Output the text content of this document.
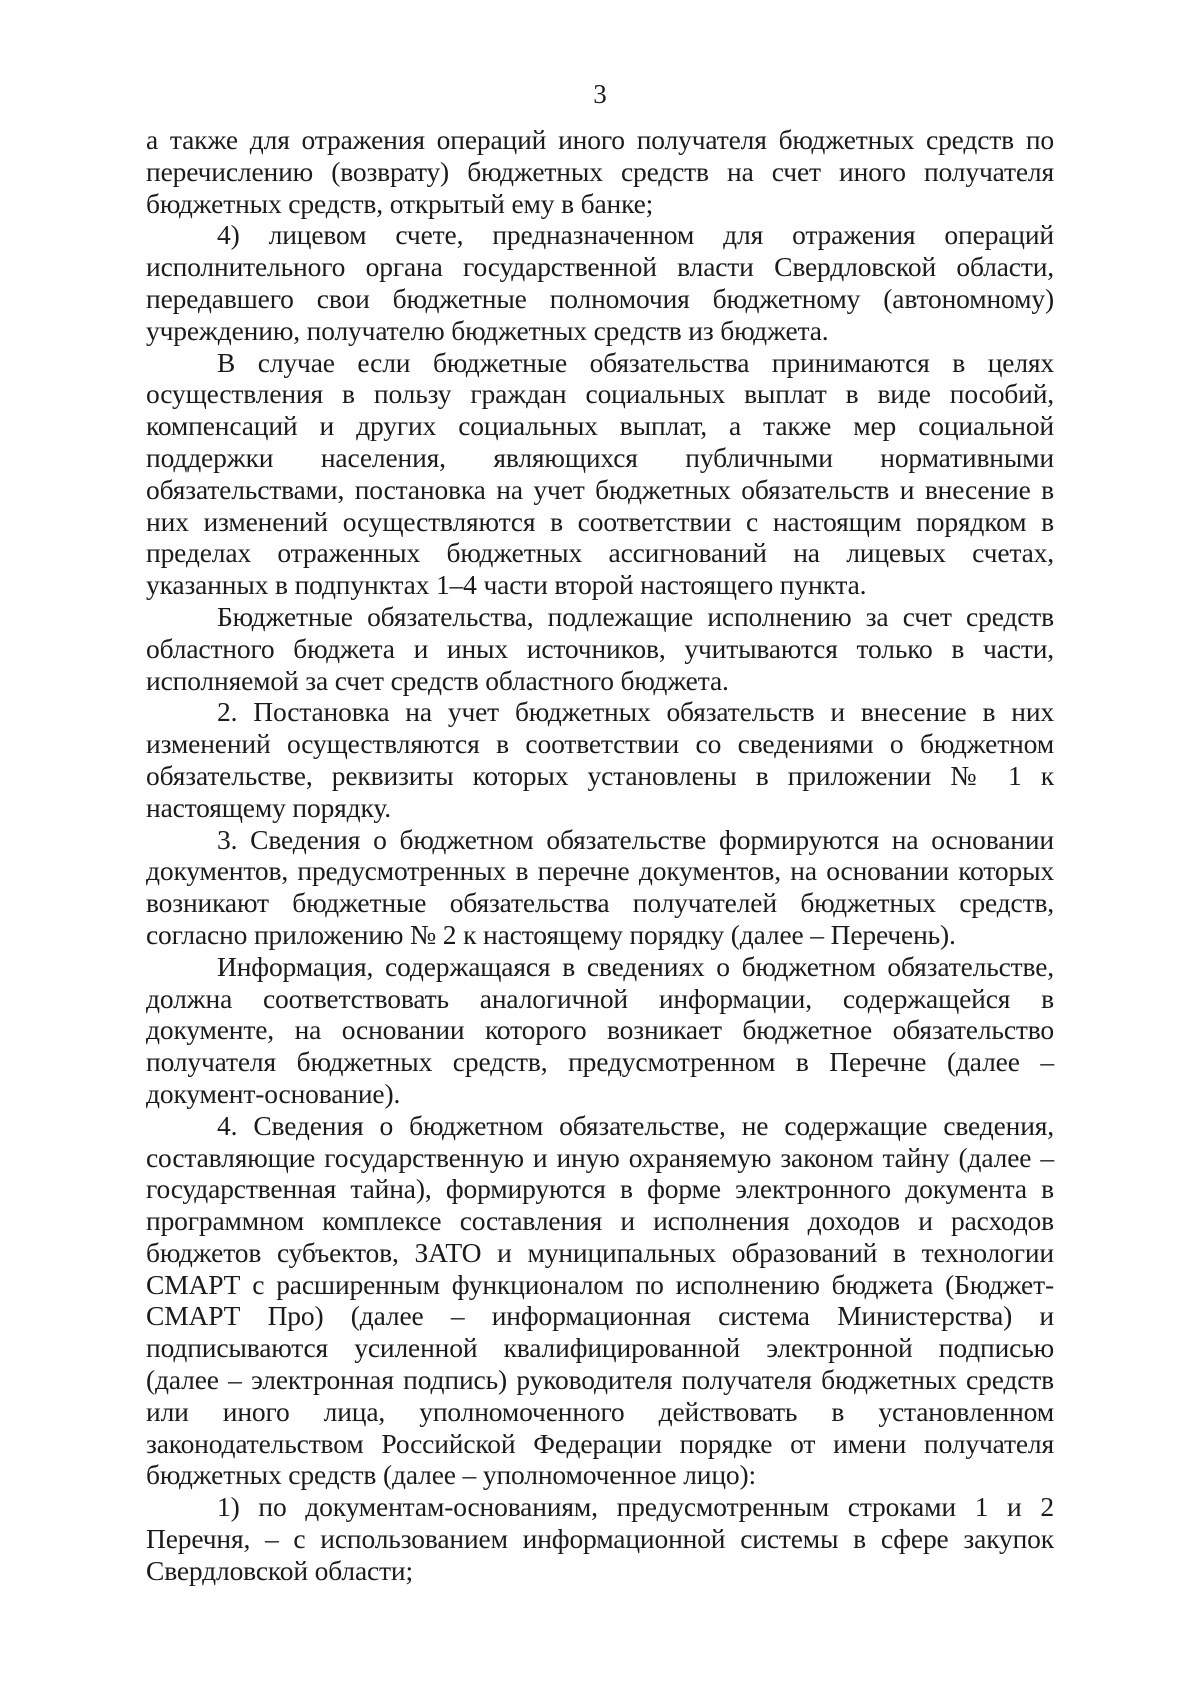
3

а также для отражения операций иного получателя бюджетных средств по перечислению (возврату) бюджетных средств на счет иного получателя бюджетных средств, открытый ему в банке;

4) лицевом счете, предназначенном для отражения операций исполнительного органа государственной власти Свердловской области, передавшего свои бюджетные полномочия бюджетному (автономному) учреждению, получателю бюджетных средств из бюджета.

В случае если бюджетные обязательства принимаются в целях осуществления в пользу граждан социальных выплат в виде пособий, компенсаций и других социальных выплат, а также мер социальной поддержки населения, являющихся публичными нормативными обязательствами, постановка на учет бюджетных обязательств и внесение в них изменений осуществляются в соответствии с настоящим порядком в пределах отраженных бюджетных ассигнований на лицевых счетах, указанных в подпунктах 1–4 части второй настоящего пункта.

Бюджетные обязательства, подлежащие исполнению за счет средств областного бюджета и иных источников, учитываются только в части, исполняемой за счет средств областного бюджета.

2. Постановка на учет бюджетных обязательств и внесение в них изменений осуществляются в соответствии со сведениями о бюджетном обязательстве, реквизиты которых установлены в приложении № 1 к настоящему порядку.

3. Сведения о бюджетном обязательстве формируются на основании документов, предусмотренных в перечне документов, на основании которых возникают бюджетные обязательства получателей бюджетных средств, согласно приложению № 2 к настоящему порядку (далее – Перечень).

Информация, содержащаяся в сведениях о бюджетном обязательстве, должна соответствовать аналогичной информации, содержащейся в документе, на основании которого возникает бюджетное обязательство получателя бюджетных средств, предусмотренном в Перечне (далее – документ-основание).

4. Сведения о бюджетном обязательстве, не содержащие сведения, составляющие государственную и иную охраняемую законом тайну (далее – государственная тайна), формируются в форме электронного документа в программном комплексе составления и исполнения доходов и расходов бюджетов субъектов, ЗАТО и муниципальных образований в технологии СМАРТ с расширенным функционалом по исполнению бюджета (Бюджет-СМАРТ Про) (далее – информационная система Министерства) и подписываются усиленной квалифицированной электронной подписью (далее – электронная подпись) руководителя получателя бюджетных средств или иного лица, уполномоченного действовать в установленном законодательством Российской Федерации порядке от имени получателя бюджетных средств (далее – уполномоченное лицо):

1) по документам-основаниям, предусмотренным строками 1 и 2 Перечня, – с использованием информационной системы в сфере закупок Свердловской области;
